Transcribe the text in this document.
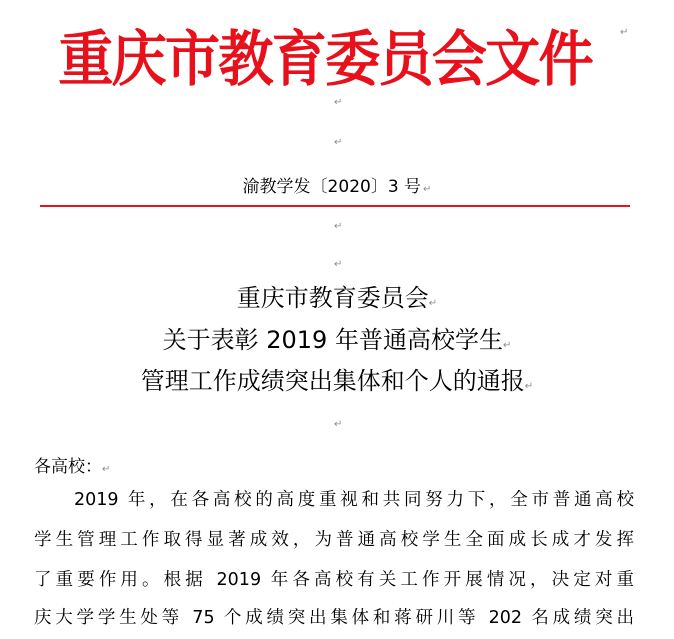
重庆市教育委员会文件	↵
↵
↵
渝教学发〔2020〕3 号 ↵
↵
↵
重庆市教育委员会↵
关于表彰 2019 年普通高校学生↵
管理工作成绩突出集体和个人的通报↵
↵
各高校：↵
2019 年，在各高校的高度重视和共同努力下，全市普通高校
学生管理工作取得显著成效，为普通高校学生全面成长成才发挥
了重要作用。根据 2019 年各高校有关工作开展情况，决定对重
庆大学学生处等 75 个成绩突出集体和蒋研川等 202 名成绩突出
